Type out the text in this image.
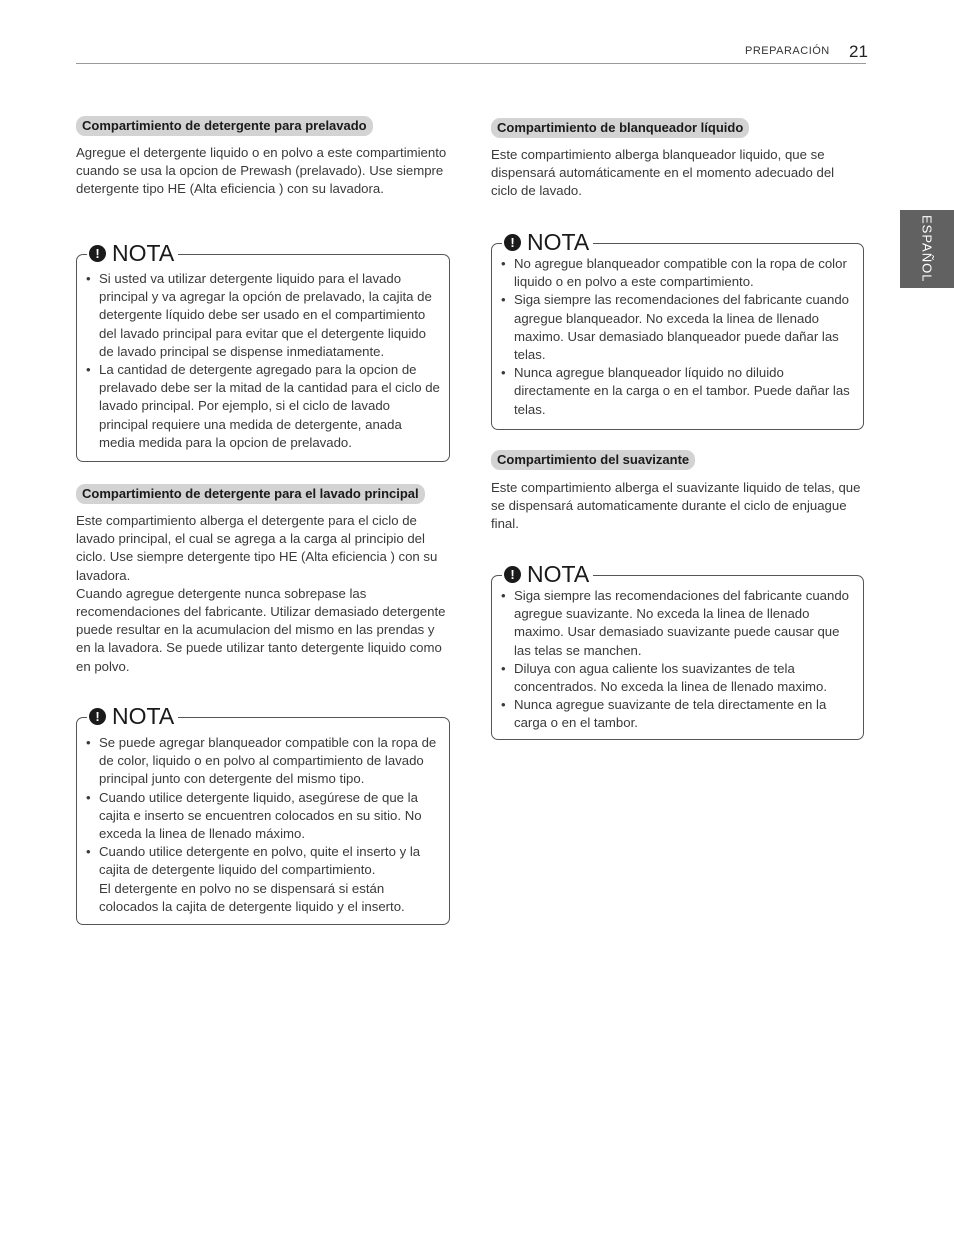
PREPARACIÓN 21
ESPAÑOL
Compartimiento de detergente para prelavado

Agregue el detergente liquido o en polvo a este compartimiento cuando se usa la opcion de Prewash (prelavado). Use siempre detergente tipo HE (Alta eficiencia ) con su lavadora.

! NOTA
• Si usted va utilizar detergente liquido para el lavado principal y va agregar la opción de prelavado, la cajita de detergente líquido debe ser usado en el compartimiento del lavado principal para evitar que el detergente liquido de lavado principal se dispense inmediatamente.
• La cantidad de detergente agregado para la opcion de prelavado debe ser la mitad de la cantidad para el ciclo de lavado principal. Por ejemplo, si el ciclo de lavado principal requiere una medida de detergente, anada media medida para la opcion de prelavado.
Compartimiento de detergente para el lavado principal

Este compartimiento alberga el detergente para el ciclo de lavado principal, el cual se agrega a la carga al principio del ciclo. Use siempre detergente tipo HE (Alta eficiencia ) con su lavadora.
Cuando agregue detergente nunca sobrepase las recomendaciones del fabricante. Utilizar demasiado detergente puede resultar en la acumulacion del mismo en las prendas y en la lavadora. Se puede utilizar tanto detergente liquido como en polvo.

! NOTA
• Se puede agregar blanqueador compatible con la ropa de de color, liquido o en polvo al compartimiento de lavado principal junto con detergente del mismo tipo.
• Cuando utilice detergente liquido, asegúrese de que la cajita e inserto se encuentren colocados en su sitio. No exceda la linea de llenado máximo.
• Cuando utilice detergente en polvo, quite el inserto y la cajita de detergente liquido del compartimiento.
El detergente en polvo no se dispensará si están colocados la cajita de detergente liquido y el inserto.
Compartimiento de blanqueador líquido

Este compartimiento alberga blanqueador liquido, que se dispensará automáticamente en el momento adecuado del ciclo de lavado.

! NOTA
• No agregue blanqueador compatible con la ropa de color liquido o en polvo a este compartimiento.
• Siga siempre las recomendaciones del fabricante cuando agregue blanqueador. No exceda la linea de llenado maximo. Usar demasiado blanqueador puede dañar las telas.
• Nunca agregue blanqueador líquido no diluido directamente en la carga o en el tambor. Puede dañar las telas.
Compartimiento del suavizante

Este compartimiento alberga el suavizante liquido de telas, que se dispensará automaticamente durante el ciclo de enjuague final.

! NOTA
• Siga siempre las recomendaciones del fabricante cuando agregue suavizante. No exceda la linea de llenado maximo. Usar demasiado suavizante puede causar que las telas se manchen.
• Diluya con agua caliente los suavizantes de tela concentrados. No exceda la linea de llenado maximo.
• Nunca agregue suavizante de tela directamente en la carga o en el tambor.
